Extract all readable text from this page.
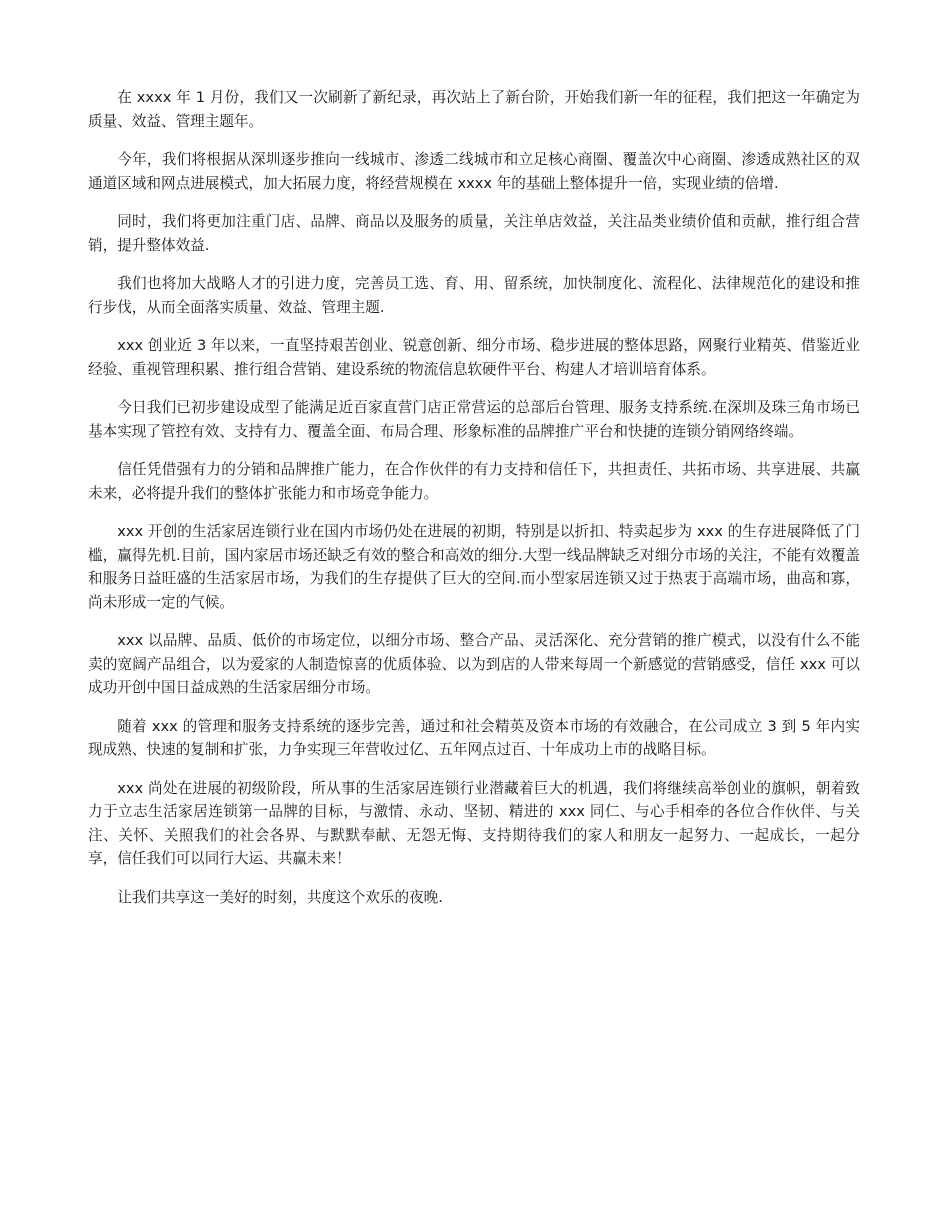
在 xxxx 年 1 月份，我们又一次刷新了新纪录，再次站上了新台阶，开始我们新一年的征程，我们把这一年确定为质量、效益、管理主题年。

今年，我们将根据从深圳逐步推向一线城市、渗透二线城市和立足核心商圈、覆盖次中心商圈、渗透成熟社区的双通道区域和网点进展模式，加大拓展力度，将经营规模在 xxxx 年的基础上整体提升一倍，实现业绩的倍增.

同时，我们将更加注重门店、品牌、商品以及服务的质量，关注单店效益，关注品类业绩价值和贡献，推行组合营销，提升整体效益.

我们也将加大战略人才的引进力度，完善员工选、育、用、留系统，加快制度化、流程化、法律规范化的建设和推行步伐，从而全面落实质量、效益、管理主题.

xxx 创业近 3 年以来，一直坚持艰苦创业、锐意创新、细分市场、稳步进展的整体思路，网聚行业精英、借鉴近业经验、重视管理积累、推行组合营销、建设系统的物流信息软硬件平台、构建人才培训培育体系。

今日我们已初步建设成型了能满足近百家直营门店正常营运的总部后台管理、服务支持系统.在深圳及珠三角市场已基本实现了管控有效、支持有力、覆盖全面、布局合理、形象标准的品牌推广平台和快捷的连锁分销网络终端。

信任凭借强有力的分销和品牌推广能力，在合作伙伴的有力支持和信任下，共担责任、共拓市场、共享进展、共赢未来，必将提升我们的整体扩张能力和市场竞争能力。

xxx 开创的生活家居连锁行业在国内市场仍处在进展的初期，特别是以折扣、特卖起步为 xxx 的生存进展降低了门槛，赢得先机.目前，国内家居市场还缺乏有效的整合和高效的细分.大型一线品牌缺乏对细分市场的关注，不能有效覆盖和服务日益旺盛的生活家居市场，为我们的生存提供了巨大的空间.而小型家居连锁又过于热衷于高端市场，曲高和寡，尚未形成一定的气候。

xxx 以品牌、品质、低价的市场定位，以细分市场、整合产品、灵活深化、充分营销的推广模式，以没有什么不能卖的宽阔产品组合，以为爱家的人制造惊喜的优质体验、以为到店的人带来每周一个新感觉的营销感受，信任 xxx 可以成功开创中国日益成熟的生活家居细分市场。

随着 xxx 的管理和服务支持系统的逐步完善，通过和社会精英及资本市场的有效融合，在公司成立 3 到 5 年内实现成熟、快速的复制和扩张，力争实现三年营收过亿、五年网点过百、十年成功上市的战略目标。

xxx 尚处在进展的初级阶段，所从事的生活家居连锁行业潜藏着巨大的机遇，我们将继续高举创业的旗帜，朝着致力于立志生活家居连锁第一品牌的目标，与激情、永动、坚韧、精进的 xxx 同仁、与心手相牵的各位合作伙伴、与关注、关怀、关照我们的社会各界、与默默奉献、无怨无悔、支持期待我们的家人和朋友一起努力、一起成长，一起分享，信任我们可以同行大运、共赢未来！

让我们共享这一美好的时刻，共度这个欢乐的夜晚.
